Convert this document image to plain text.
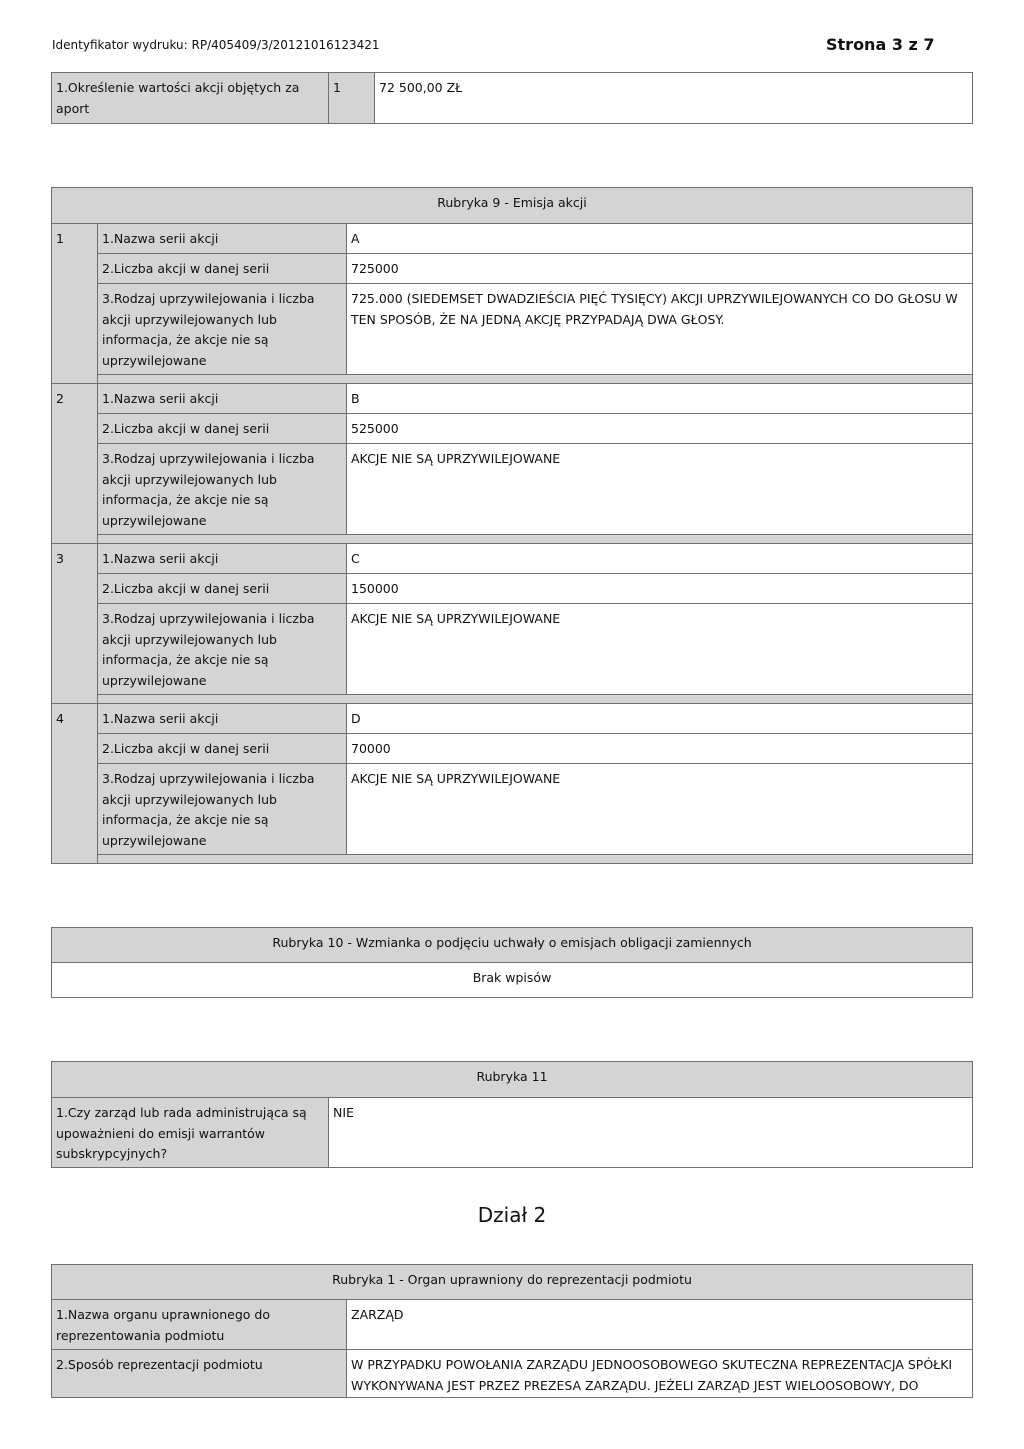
Identyfikator wydruku: RP/405409/3/20121016123421	Strona 3 z 7
1.Określenie wartości akcji objętych za aport	1	72 500,00 ZŁ
Rubryka 9 - Emisja akcji		
1	1.Nazwa serii akcji	A
	2.Liczba akcji w danej serii	725000
	3.Rodzaj uprzywilejowania i liczba akcji uprzywilejowanych lub informacja, że akcje nie są uprzywilejowane	725.000 (SIEDEMSET DWADZIEŚCIA PIĘĆ TYSIĘCY) AKCJI UPRZYWILEJOWANYCH CO DO GŁOSU W TEN SPOSÓB, ŻE NA JEDNĄ AKCJĘ PRZYPADAJĄ DWA GŁOSY.

2	1.Nazwa serii akcji	B
	2.Liczba akcji w danej serii	525000
	3.Rodzaj uprzywilejowania i liczba akcji uprzywilejowanych lub informacja, że akcje nie są uprzywilejowane	AKCJE NIE SĄ UPRZYWILEJOWANE

3	1.Nazwa serii akcji	C
	2.Liczba akcji w danej serii	150000
	3.Rodzaj uprzywilejowania i liczba akcji uprzywilejowanych lub informacja, że akcje nie są uprzywilejowane	AKCJE NIE SĄ UPRZYWILEJOWANE

4	1.Nazwa serii akcji	D
	2.Liczba akcji w danej serii	70000
	3.Rodzaj uprzywilejowania i liczba akcji uprzywilejowanych lub informacja, że akcje nie są uprzywilejowane	AKCJE NIE SĄ UPRZYWILEJOWANE

Rubryka 10 - Wzmianka o podjęciu uchwały o emisjach obligacji zamiennych
Brak wpisów
Rubryka 11
1.Czy zarząd lub rada administrująca są upoważnieni do emisji warrantów subskrypcyjnych?	NIE
Dział 2
Rubryka 1 - Organ uprawniony do reprezentacji podmiotu	
1.Nazwa organu uprawnionego do reprezentowania podmiotu	ZARZĄD
2.Sposób reprezentacji podmiotu	W PRZYPADKU POWOŁANIA ZARZĄDU JEDNOOSOBOWEGO SKUTECZNA REPREZENTACJA SPÓŁKI WYKONYWANA JEST PRZEZ PREZESA ZARZĄDU. JEŻELI ZARZĄD JEST WIELOOSOBOWY, DO
